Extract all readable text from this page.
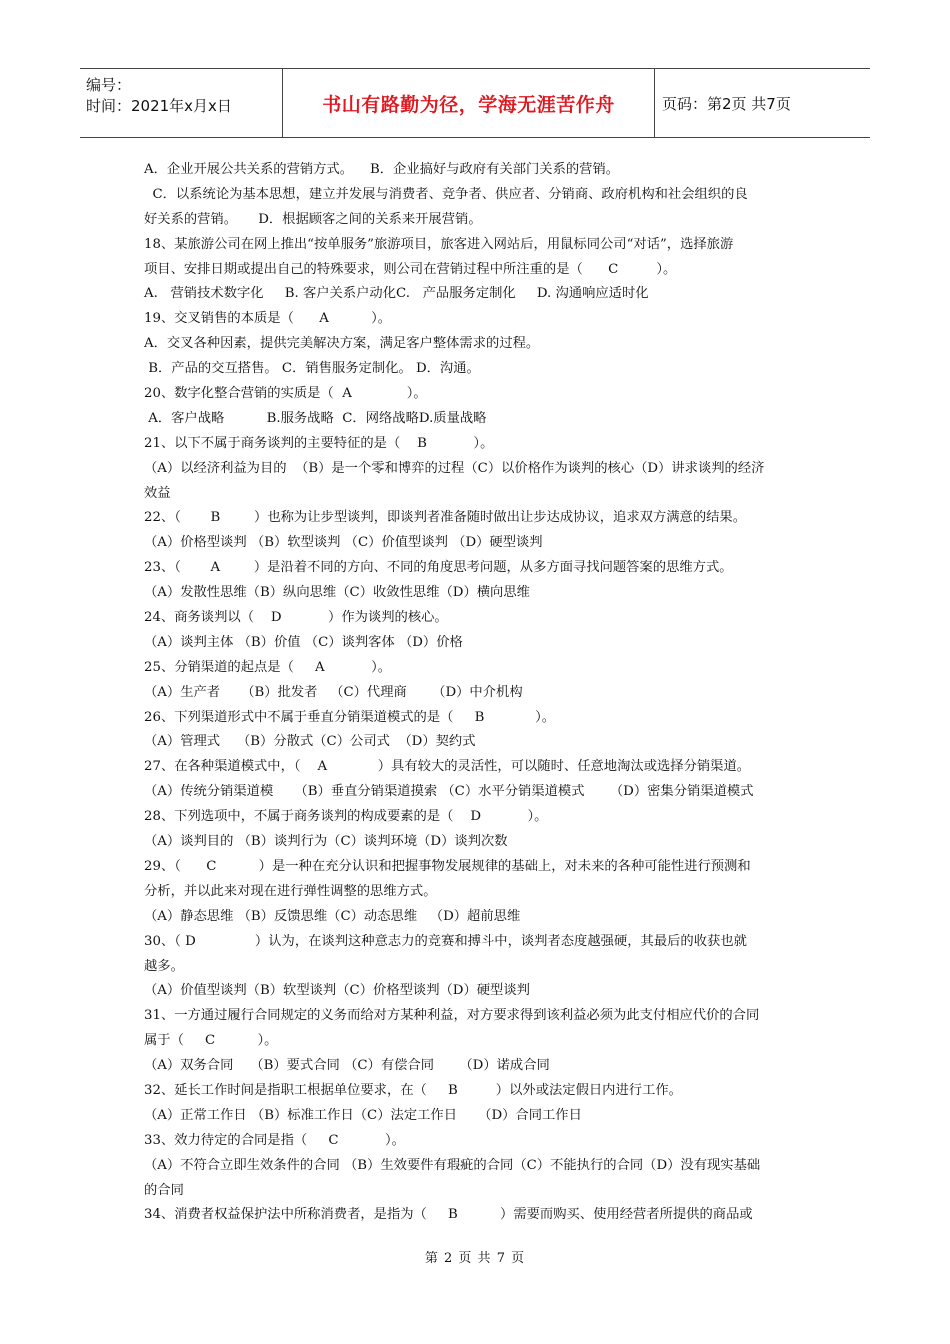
编号：
时间：2021年x月x日	书山有路勤为径，学海无涯苦作舟	页码：第2页 共7页
A．企业开展公共关系的营销方式。    B．企业搞好与政府有关部门关系的营销。
C．以系统论为基本思想，建立并发展与消费者、竞争者、供应者、分销商、政府机构和社会组织的良
好关系的营销。     D．根据顾客之间的关系来开展营销。
18、某旅游公司在网上推出“按单服务”旅游项目，旅客进入网站后，用鼠标同公司“对话”，选择旅游
项目、安排日期或提出自己的特殊要求，则公司在营销过程中所注重的是（      C         ）。
A.   营销技术数字化     B. 客户关系户动化C.   产品服务定制化     D. 沟通响应适时化
19、交叉销售的本质是（      A          ）。
A．交叉各种因素，提供完美解决方案，满足客户整体需求的过程。
B．产品的交互搭售。 C．销售服务定制化。 D．沟通。
20、数字化整合营销的实质是（  A             ）。
A．客户战略          B.服务战略  C．网络战略D.质量战略
21、以下不属于商务谈判的主要特征的是（    B           ）。
（A）以经济利益为目的  （B）是一个零和博弈的过程（C）以价格作为谈判的核心（D）讲求谈判的经济
效益
22、（       B        ）也称为让步型谈判，即谈判者准备随时做出让步达成协议，追求双方满意的结果。
（A）价格型谈判 （B）软型谈判 （C）价值型谈判 （D）硬型谈判
23、（       A        ）是沿着不同的方向、不同的角度思考问题，从多方面寻找问题答案的思维方式。
（A）发散性思维（B）纵向思维（C）收敛性思维（D）横向思维
24、商务谈判以（    D           ）作为谈判的核心。
（A）谈判主体 （B）价值 （C）谈判客体 （D）价格
25、分销渠道的起点是（     A           ）。
（A）生产者     （B）批发者   （C）代理商      （D）中介机构
26、下列渠道形式中不属于垂直分销渠道模式的是（     B            ）。
（A）管理式    （B）分散式（C）公司式  （D）契约式
27、在各种渠道模式中，（    A            ）具有较大的灵活性，可以随时、任意地淘汰或选择分销渠道。
（A）传统分销渠道模     （B）垂直分销渠道摸索 （C）水平分销渠道模式      （D）密集分销渠道模式
28、下列选项中，不属于商务谈判的构成要素的是（    D           ）。
（A）谈判目的 （B）谈判行为（C）谈判环境（D）谈判次数
29、（      C          ）是一种在充分认识和把握事物发展规律的基础上，对未来的各种可能性进行预测和
分析，并以此来对现在进行弹性调整的思维方式。
（A）静态思维 （B）反馈思维（C）动态思维   （D）超前思维
30、（ D              ）认为，在谈判这种意志力的竞赛和搏斗中，谈判者态度越强硬，其最后的收获也就
越多。
（A）价值型谈判（B）软型谈判（C）价格型谈判（D）硬型谈判
31、一方通过履行合同规定的义务而给对方某种利益，对方要求得到该利益必须为此支付相应代价的合同
属于（     C          ）。
（A）双务合同    （B）要式合同 （C）有偿合同      （D）诺成合同
32、延长工作时间是指职工根据单位要求，在（     B         ）以外或法定假日内进行工作。
（A）正常工作日 （B）标准工作日（C）法定工作日     （D）合同工作日
33、效力待定的合同是指（     C           ）。
（A）不符合立即生效条件的合同 （B）生效要件有瑕疵的合同（C）不能执行的合同（D）没有现实基础
的合同
34、消费者权益保护法中所称消费者，是指为（     B          ）需要而购买、使用经营者所提供的商品或
第 2 页 共 7 页
